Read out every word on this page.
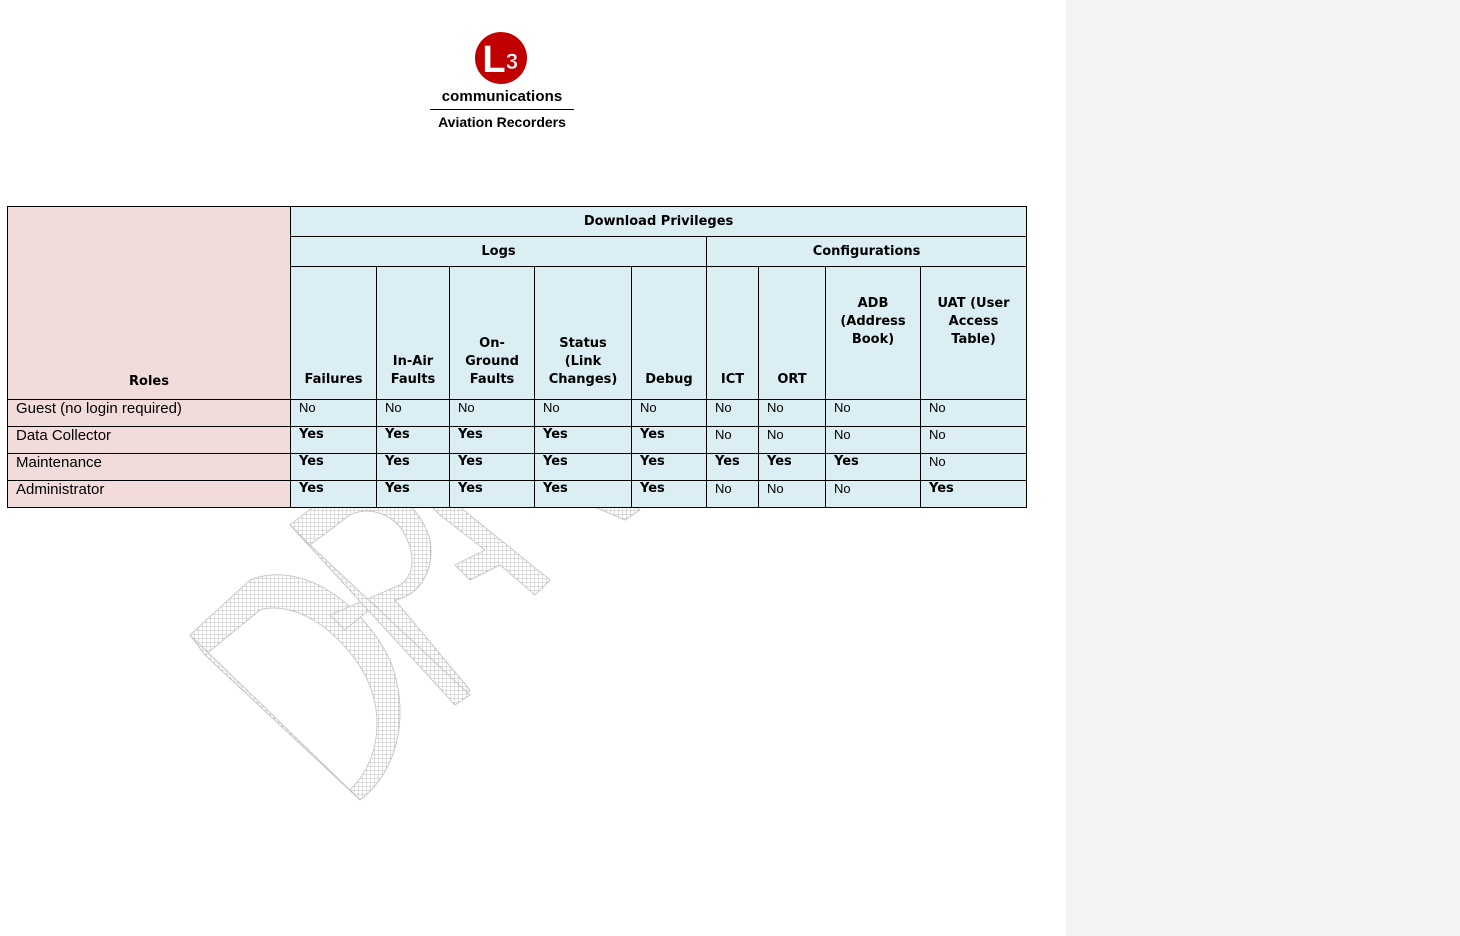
L 3
communications
Aviation Recorders
Roles	Download Privileges								
	Logs					Configurations			
	Failures	In-Air Faults	On-Ground Faults	Status (Link Changes)	Debug	ICT	ORT	ADB (Address Book)	UAT (User Access Table)
Guest (no login required)	No	No	No	No	No	No	No	No	No
Data Collector	Yes	Yes	Yes	Yes	Yes	No	No	No	No
Maintenance	Yes	Yes	Yes	Yes	Yes	Yes	Yes	Yes	No
Administrator	Yes	Yes	Yes	Yes	Yes	No	No	No	Yes
